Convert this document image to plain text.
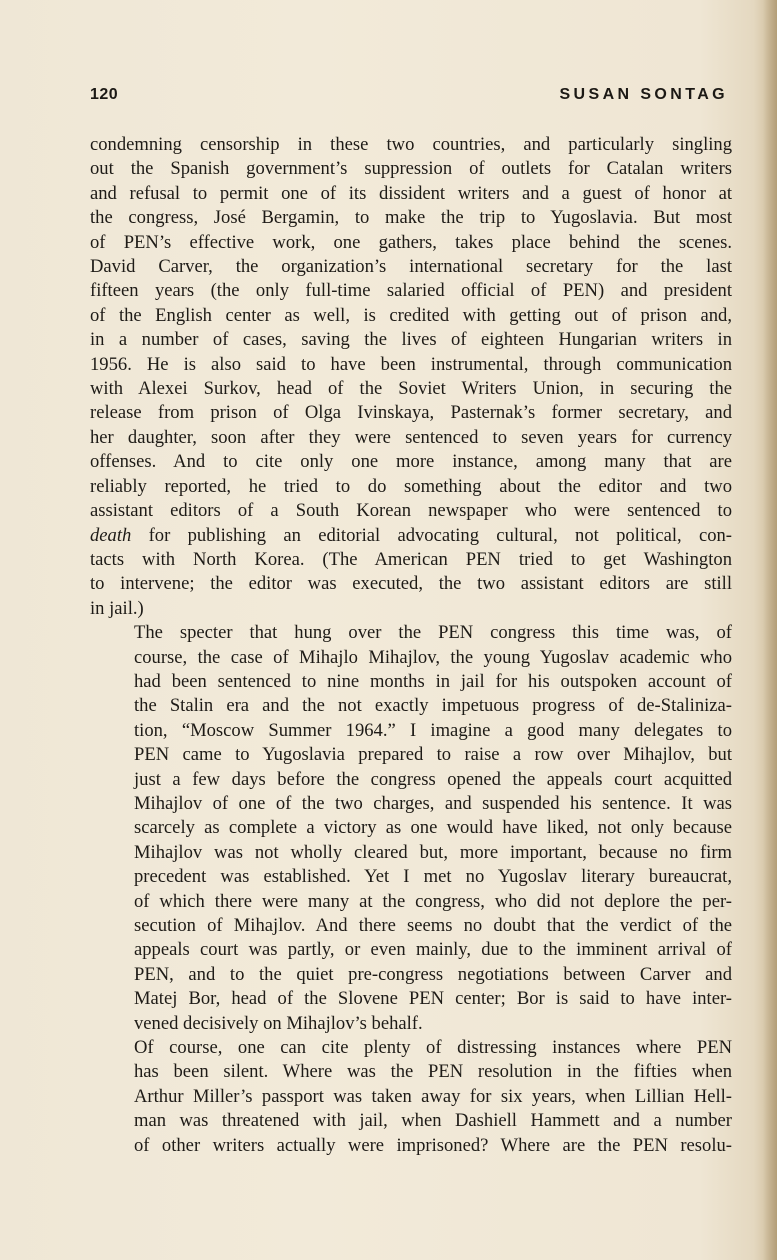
120	SUSAN SONTAG

condemning censorship in these two countries, and particularly singling
out the Spanish government’s suppression of outlets for Catalan writers
and refusal to permit one of its dissident writers and a guest of honor at
the congress, José Bergamin, to make the trip to Yugoslavia. But most
of PEN’s effective work, one gathers, takes place behind the scenes.
David Carver, the organization’s international secretary for the last
fifteen years (the only full-time salaried official of PEN) and president
of the English center as well, is credited with getting out of prison and,
in a number of cases, saving the lives of eighteen Hungarian writers in
1956. He is also said to have been instrumental, through communication
with Alexei Surkov, head of the Soviet Writers Union, in securing the
release from prison of Olga Ivinskaya, Pasternak’s former secretary, and
her daughter, soon after they were sentenced to seven years for currency
offenses. And to cite only one more instance, among many that are
reliably reported, he tried to do something about the editor and two
assistant editors of a South Korean newspaper who were sentenced to
death for publishing an editorial advocating cultural, not political, con-
tacts with North Korea. (The American PEN tried to get Washington
to intervene; the editor was executed, the two assistant editors are still
in jail.)

The specter that hung over the PEN congress this time was, of
course, the case of Mihajlo Mihajlov, the young Yugoslav academic who
had been sentenced to nine months in jail for his outspoken account of
the Stalin era and the not exactly impetuous progress of de-Staliniza-
tion, “Moscow Summer 1964.” I imagine a good many delegates to
PEN came to Yugoslavia prepared to raise a row over Mihajlov, but
just a few days before the congress opened the appeals court acquitted
Mihajlov of one of the two charges, and suspended his sentence. It was
scarcely as complete a victory as one would have liked, not only because
Mihajlov was not wholly cleared but, more important, because no firm
precedent was established. Yet I met no Yugoslav literary bureaucrat,
of which there were many at the congress, who did not deplore the per-
secution of Mihajlov. And there seems no doubt that the verdict of the
appeals court was partly, or even mainly, due to the imminent arrival of
PEN, and to the quiet pre-congress negotiations between Carver and
Matej Bor, head of the Slovene PEN center; Bor is said to have inter-
vened decisively on Mihajlov’s behalf.

Of course, one can cite plenty of distressing instances where PEN
has been silent. Where was the PEN resolution in the fifties when
Arthur Miller’s passport was taken away for six years, when Lillian Hell-
man was threatened with jail, when Dashiell Hammett and a number
of other writers actually were imprisoned? Where are the PEN resolu-
